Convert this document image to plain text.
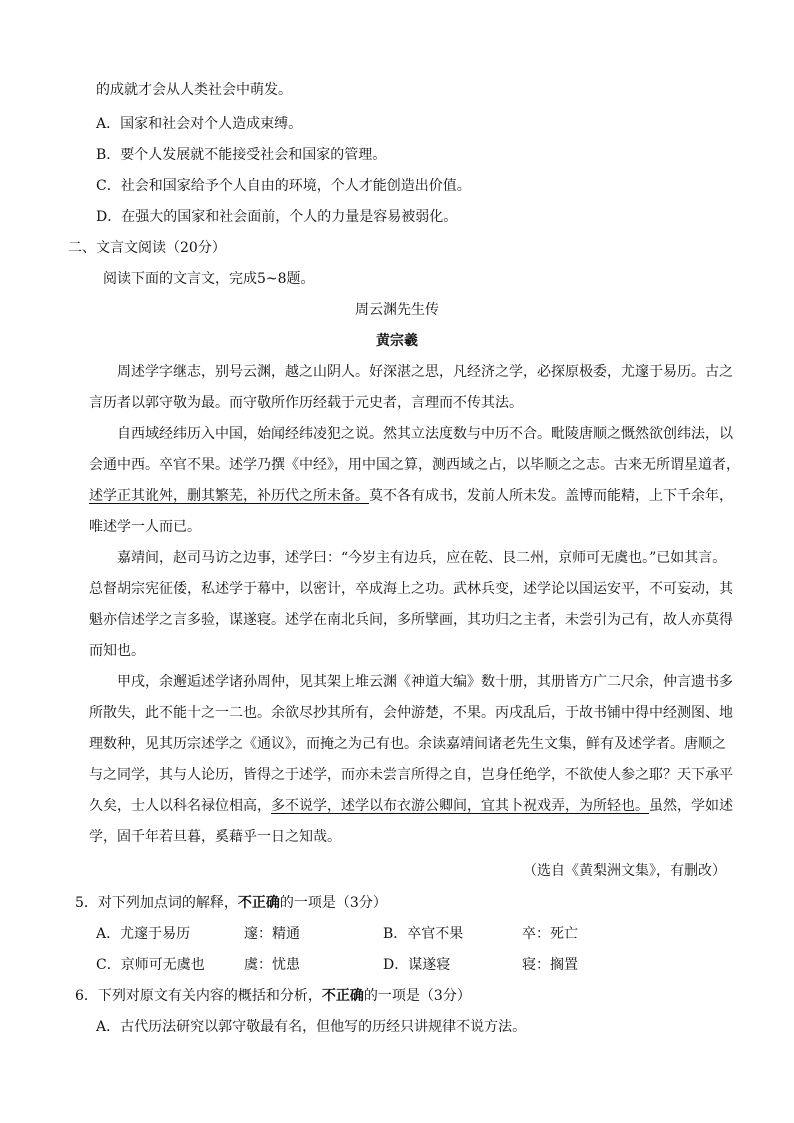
的成就才会从人类社会中萌发。
A．国家和社会对个人造成束缚。
B．要个人发展就不能接受社会和国家的管理。
C．社会和国家给予个人自由的环境，个人才能创造出价值。
D．在强大的国家和社会面前，个人的力量是容易被弱化。
二、文言文阅读（20分）
阅读下面的文言文，完成5~8题。
周云渊先生传
黄宗羲
周述学字继志，别号云渊，越之山阴人。好深湛之思，凡经济之学，必探原极委，尤邃于易历。古之
言历者以郭守敬为最。而守敬所作历经载于元史者，言理而不传其法。
自西域经纬历入中国，始闻经纬凌犯之说。然其立法度数与中历不合。毗陵唐顺之慨然欲创纬法，以
会通中西。卒官不果。述学乃撰《中经》，用中国之算，测西域之占，以毕顺之之志。古来无所谓星道者，
述学正其讹舛，删其繁芜，补历代之所未备。莫不各有成书，发前人所未发。盖博而能精，上下千余年，
唯述学一人而已。
嘉靖间，赵司马访之边事，述学曰：“今岁主有边兵，应在乾、艮二州，京师可无虞也。”已如其言。
总督胡宗宪征倭，私述学于幕中，以密计，卒成海上之功。武林兵变，述学论以国运安平，不可妄动，其
魁亦信述学之言多验，谋遂寝。述学在南北兵间，多所擘画，其功归之主者，未尝引为己有，故人亦莫得
而知也。
甲戌，余邂逅述学诸孙周仲，见其架上堆云渊《神道大编》数十册，其册皆方广二尺余，仲言遗书多
所散失，此不能十之一二也。余欲尽抄其所有，会仲游楚，不果。丙戌乱后，于故书铺中得中经测图、地
理数种，见其历宗述学之《通议》，而掩之为己有也。余读嘉靖间诸老先生文集，鲜有及述学者。唐顺之
与之同学，其与人论历，皆得之于述学，而亦未尝言所得之自，岂身任绝学，不欲使人参之耶？天下承平
久矣，士人以科名禄位相高，多不说学，述学以布衣游公卿间，宜其卜祝戏弄，为所轻也。虽然，学如述
学，固千年若旦暮，奚藉乎一日之知哉。
（选自《黄梨洲文集》，有删改）
5．对下列加点词的解释，不正确的一项是（3分）
A．尤邃于易历	邃：精通	B．卒官不果	卒：死亡
C．京师可无虞也	虞：忧患	D．谋遂寝	寝：搁置
6．下列对原文有关内容的概括和分析，不正确的一项是（3分）
A．古代历法研究以郭守敬最有名，但他写的历经只讲规律不说方法。
